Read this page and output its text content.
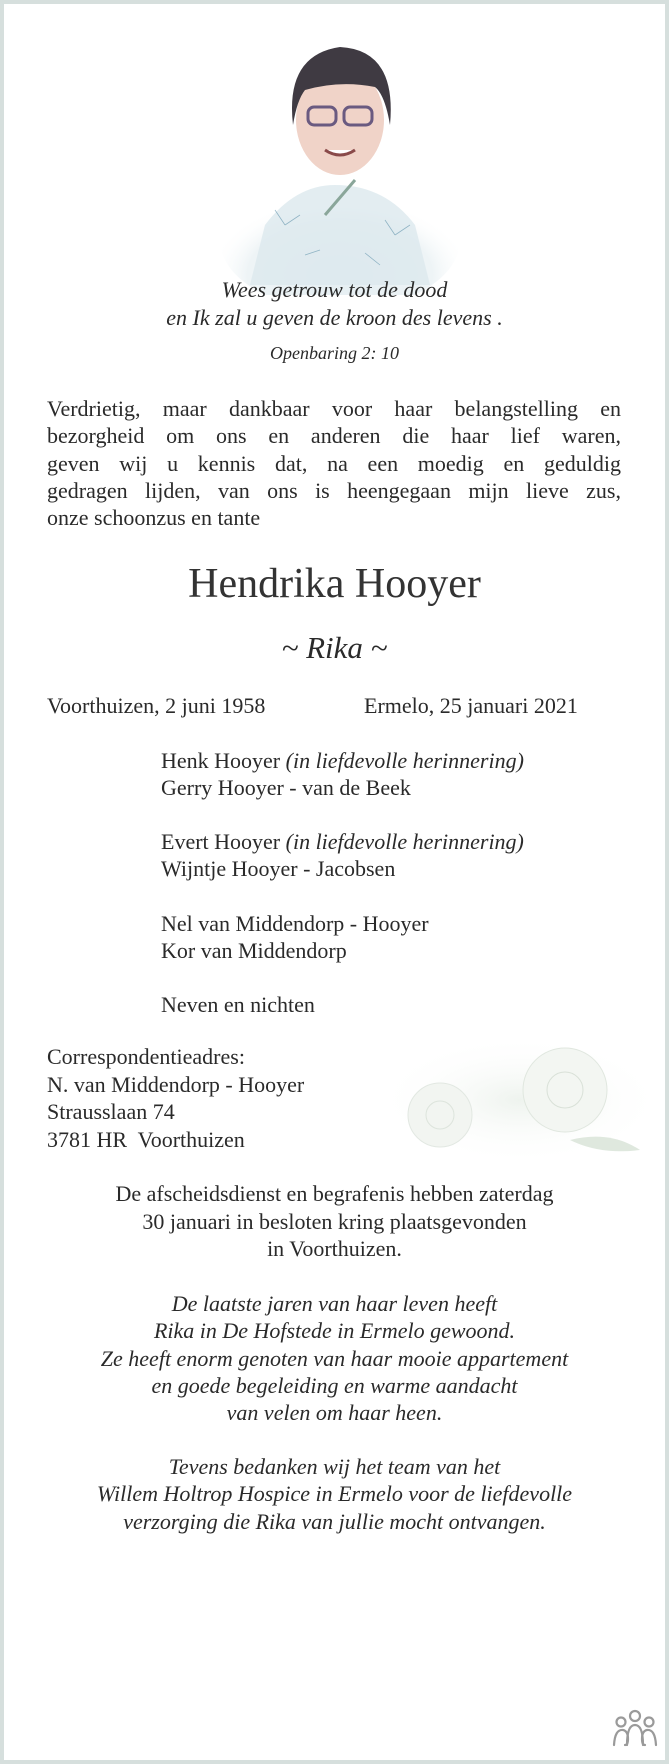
Wees getrouw tot de dood
en Ik zal u geven de kroon des levens .
Openbaring 2: 10
Verdrietig, maar dankbaar voor haar belangstelling en
bezorgheid om ons en anderen die haar lief waren,
geven wij u kennis dat, na een moedig en geduldig
gedragen lijden, van ons is heengegaan mijn lieve zus,
onze schoonzus en tante
Hendrika Hooyer
~ Rika ~
Voorthuizen, 2 juni 1958	Ermelo, 25 januari 2021
Henk Hooyer (in liefdevolle herinnering)
Gerry Hooyer - van de Beek
Evert Hooyer (in liefdevolle herinnering)
Wijntje Hooyer - Jacobsen
Nel van Middendorp - Hooyer
Kor van Middendorp
Neven en nichten
Correspondentieadres:
N. van Middendorp - Hooyer
Strausslaan 74
3781 HR  Voorthuizen
De afscheidsdienst en begrafenis hebben zaterdag
30 januari in besloten kring plaatsgevonden
in Voorthuizen.
De laatste jaren van haar leven heeft
Rika in De Hofstede in Ermelo gewoond.
Ze heeft enorm genoten van haar mooie appartement
en goede begeleiding en warme aandacht
van velen om haar heen.
Tevens bedanken wij het team van het
Willem Holtrop Hospice in Ermelo voor de liefdevolle
verzorging die Rika van jullie mocht ontvangen.
